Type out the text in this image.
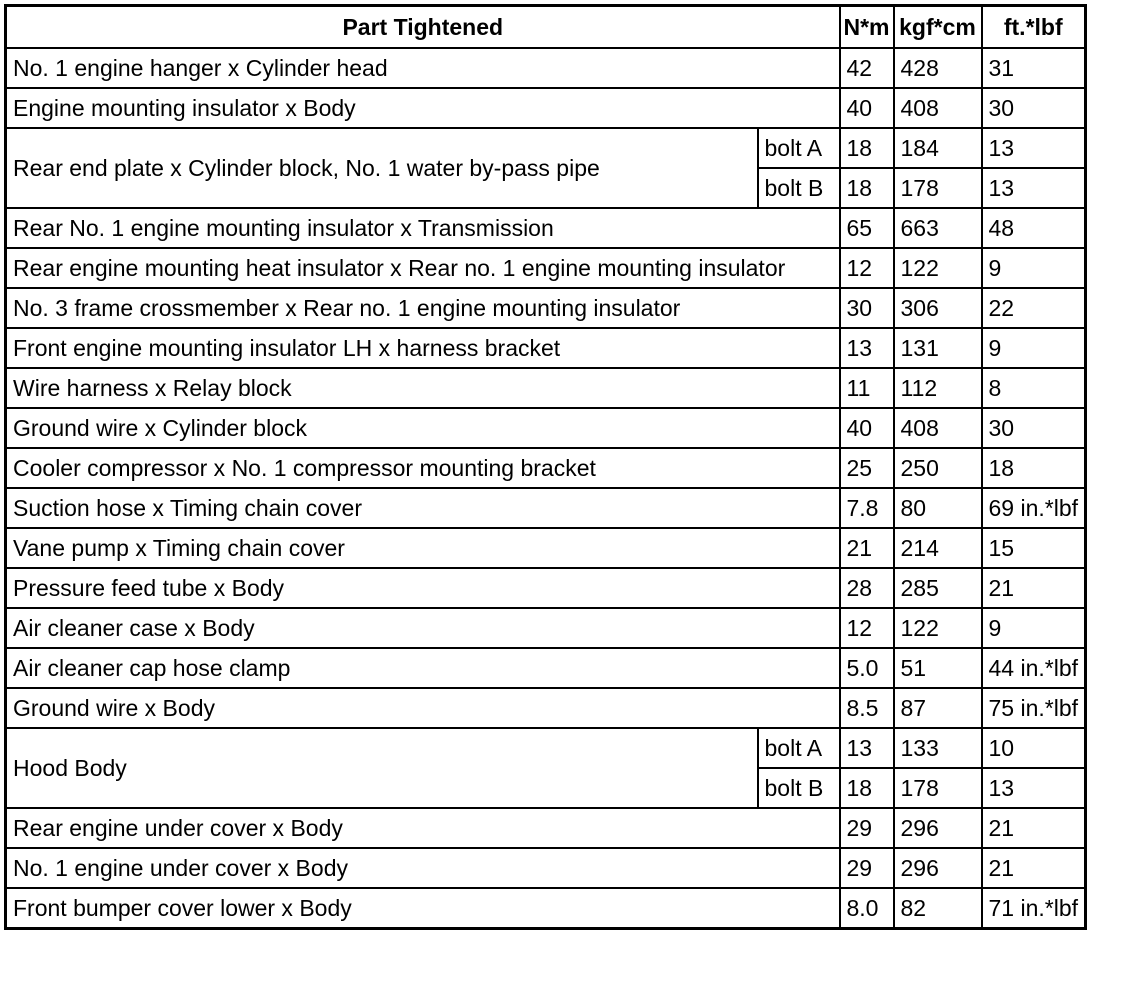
Part Tightened		N*m	kgf*cm	ft.*lbf
No. 1 engine hanger x Cylinder head		42	428	31
Engine mounting insulator x Body		40	408	30
Rear end plate x Cylinder block, No. 1 water by-pass pipe	bolt A	18	184	13
	bolt B	18	178	13
Rear No. 1 engine mounting insulator x Transmission		65	663	48
Rear engine mounting heat insulator x Rear no. 1 engine mounting insulator		12	122	9
No. 3 frame crossmember x Rear no. 1 engine mounting insulator		30	306	22
Front engine mounting insulator LH x harness bracket		13	131	9
Wire harness x Relay block		11	112	8
Ground wire x Cylinder block		40	408	30
Cooler compressor x No. 1 compressor mounting bracket		25	250	18
Suction hose x Timing chain cover		7.8	80	69 in.*lbf
Vane pump x Timing chain cover		21	214	15
Pressure feed tube x Body		28	285	21
Air cleaner case x Body		12	122	9
Air cleaner cap hose clamp		5.0	51	44 in.*lbf
Ground wire x Body		8.5	87	75 in.*lbf
Hood Body	bolt A	13	133	10
	bolt B	18	178	13
Rear engine under cover x Body		29	296	21
No. 1 engine under cover x Body		29	296	21
Front bumper cover lower x Body		8.0	82	71 in.*lbf
